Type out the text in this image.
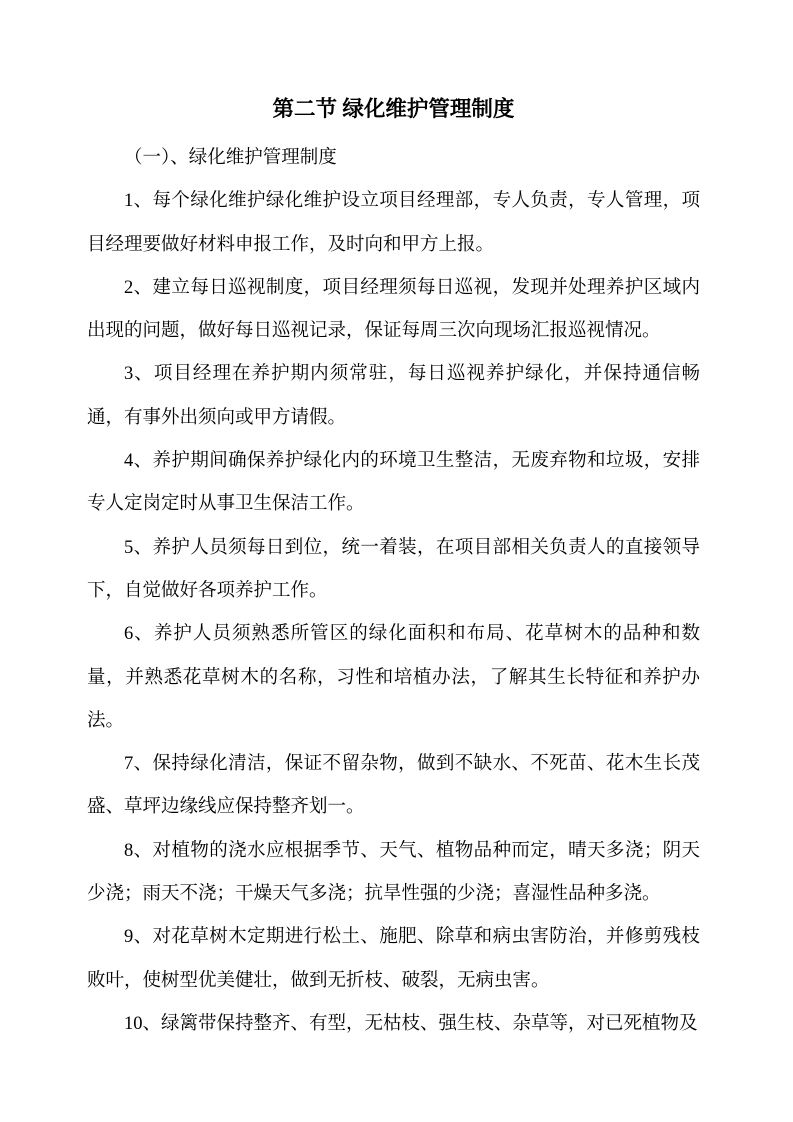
第二节 绿化维护管理制度

（一）、绿化维护管理制度

1、每个绿化维护绿化维护设立项目经理部，专人负责，专人管理，项目经理要做好材料申报工作，及时向和甲方上报。

2、建立每日巡视制度，项目经理须每日巡视，发现并处理养护区域内出现的问题，做好每日巡视记录，保证每周三次向现场汇报巡视情况。

3、项目经理在养护期内须常驻，每日巡视养护绿化，并保持通信畅通，有事外出须向或甲方请假。

4、养护期间确保养护绿化内的环境卫生整洁，无废弃物和垃圾，安排专人定岗定时从事卫生保洁工作。

5、养护人员须每日到位，统一着装，在项目部相关负责人的直接领导下，自觉做好各项养护工作。

6、养护人员须熟悉所管区的绿化面积和布局、花草树木的品种和数量，并熟悉花草树木的名称，习性和培植办法，了解其生长特征和养护办法。

7、保持绿化清洁，保证不留杂物，做到不缺水、不死苗、花木生长茂盛、草坪边缘线应保持整齐划一。

8、对植物的浇水应根据季节、天气、植物品种而定，晴天多浇；阴天少浇；雨天不浇；干燥天气多浇；抗旱性强的少浇；喜湿性品种多浇。

9、对花草树木定期进行松土、施肥、除草和病虫害防治，并修剪残枝败叶，使树型优美健壮，做到无折枝、破裂，无病虫害。

10、绿篱带保持整齐、有型，无枯枝、强生枝、杂草等，对已死植物及
